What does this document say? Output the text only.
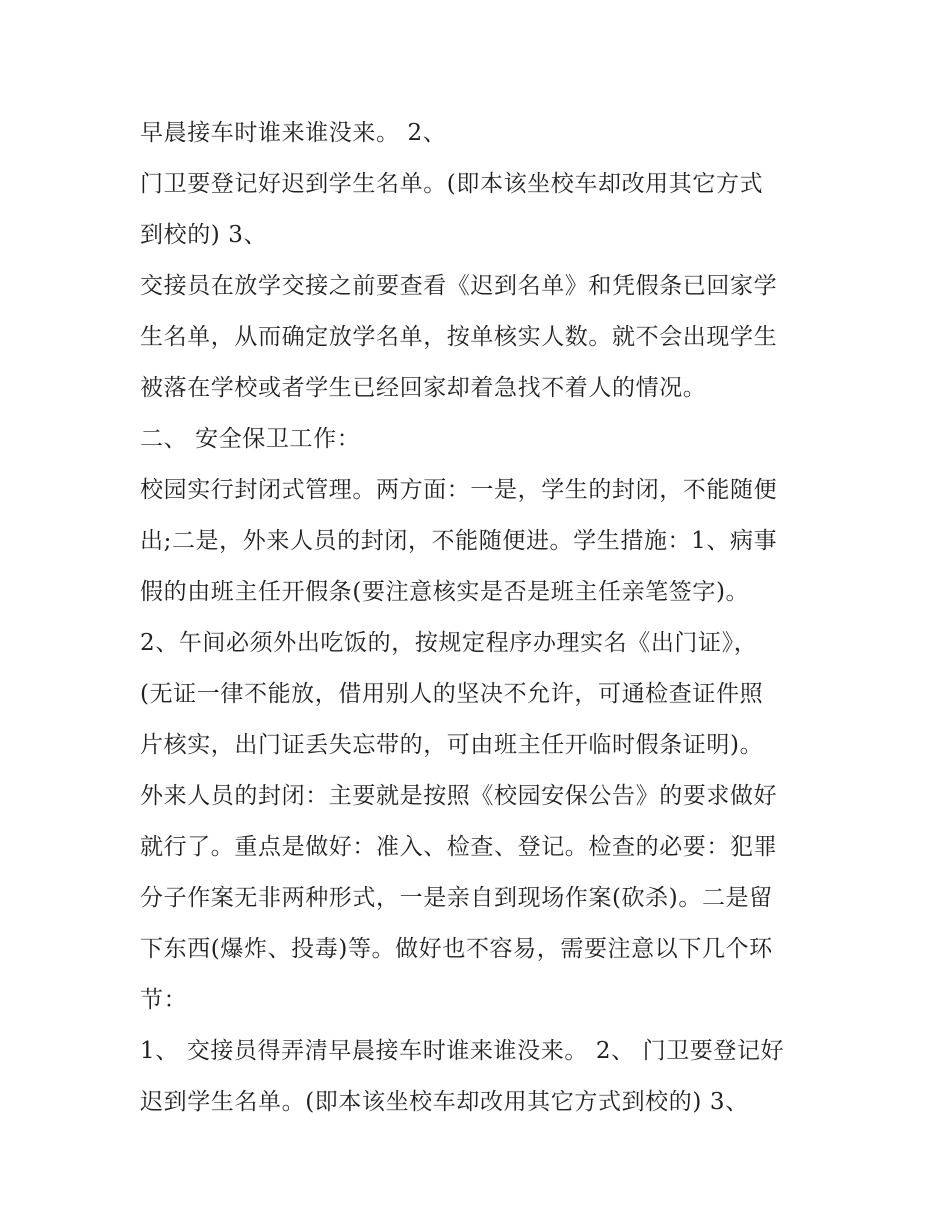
早晨接车时谁来谁没来。 2、
门卫要登记好迟到学生名单。(即本该坐校车却改用其它方式
到校的) 3、
交接员在放学交接之前要查看《迟到名单》和凭假条已回家学
生名单，从而确定放学名单，按单核实人数。就不会出现学生
被落在学校或者学生已经回家却着急找不着人的情况。
二、 安全保卫工作：
校园实行封闭式管理。两方面：一是，学生的封闭，不能随便
出;二是，外来人员的封闭，不能随便进。学生措施：1、病事
假的由班主任开假条(要注意核实是否是班主任亲笔签字)。
2、午间必须外出吃饭的，按规定程序办理实名《出门证》，
(无证一律不能放，借用别人的坚决不允许，可通检查证件照
片核实，出门证丢失忘带的，可由班主任开临时假条证明)。
外来人员的封闭：主要就是按照《校园安保公告》的要求做好
就行了。重点是做好：准入、检查、登记。检查的必要：犯罪
分子作案无非两种形式，一是亲自到现场作案(砍杀)。二是留
下东西(爆炸、投毒)等。做好也不容易，需要注意以下几个环
节：
1、 交接员得弄清早晨接车时谁来谁没来。 2、 门卫要登记好
迟到学生名单。(即本该坐校车却改用其它方式到校的) 3、
